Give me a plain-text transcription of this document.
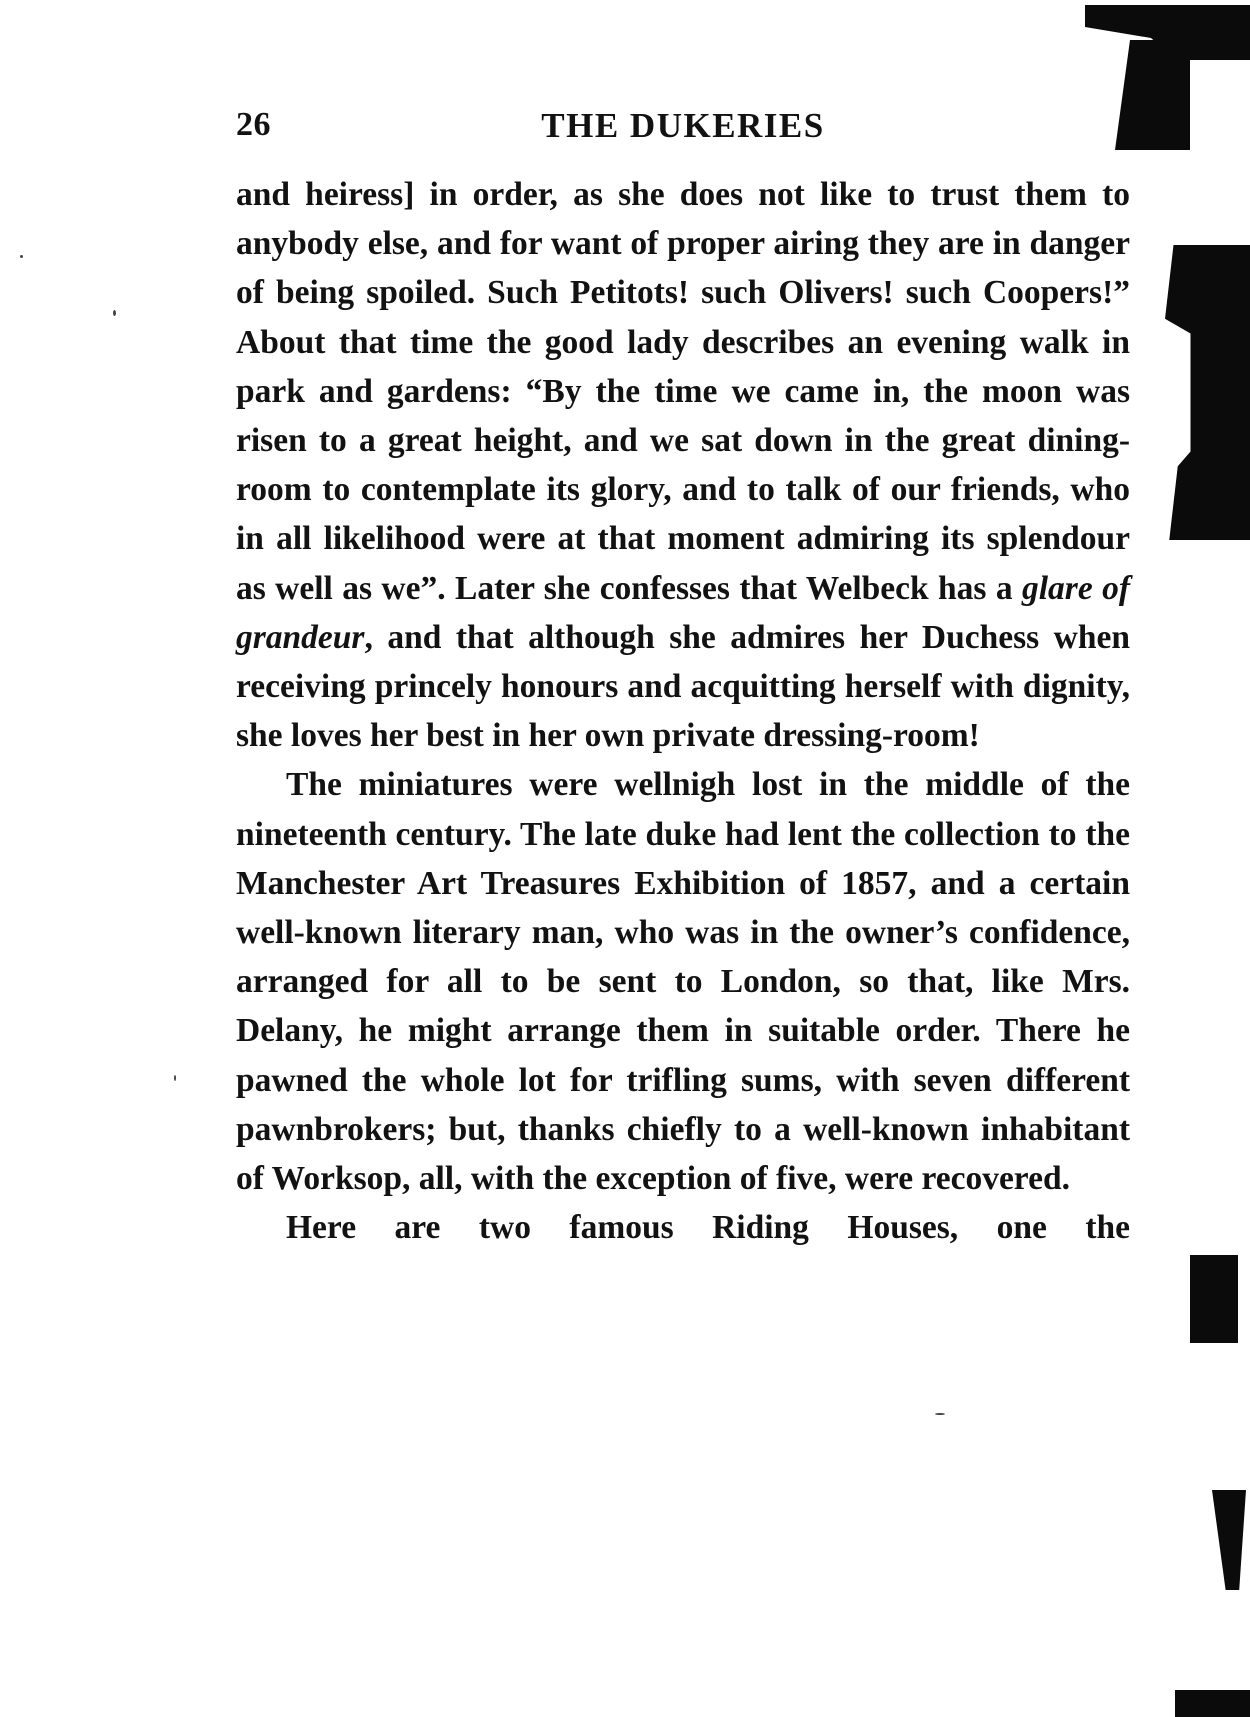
26	THE DUKERIES

and heiress] in order, as she does not like to trust them to anybody else, and for want of proper airing they are in danger of being spoiled. Such Petitots! such Olivers! such Coopers!” About that time the good lady describes an evening walk in park and gardens: “By the time we came in, the moon was risen to a great height, and we sat down in the great dining-room to contemplate its glory, and to talk of our friends, who in all likelihood were at that moment admiring its splendour as well as we”. Later she confesses that Welbeck has a glare of grandeur, and that although she admires her Duchess when receiving princely honours and acquitting herself with dignity, she loves her best in her own private dressing-room!

The miniatures were wellnigh lost in the middle of the nineteenth century. The late duke had lent the collection to the Manchester Art Treasures Exhibition of 1857, and a certain well-known literary man, who was in the owner’s confidence, arranged for all to be sent to London, so that, like Mrs. Delany, he might arrange them in suitable order. There he pawned the whole lot for trifling sums, with seven different pawnbrokers; but, thanks chiefly to a well-known inhabitant of Worksop, all, with the exception of five, were recovered.

Here are two famous Riding Houses, one the
